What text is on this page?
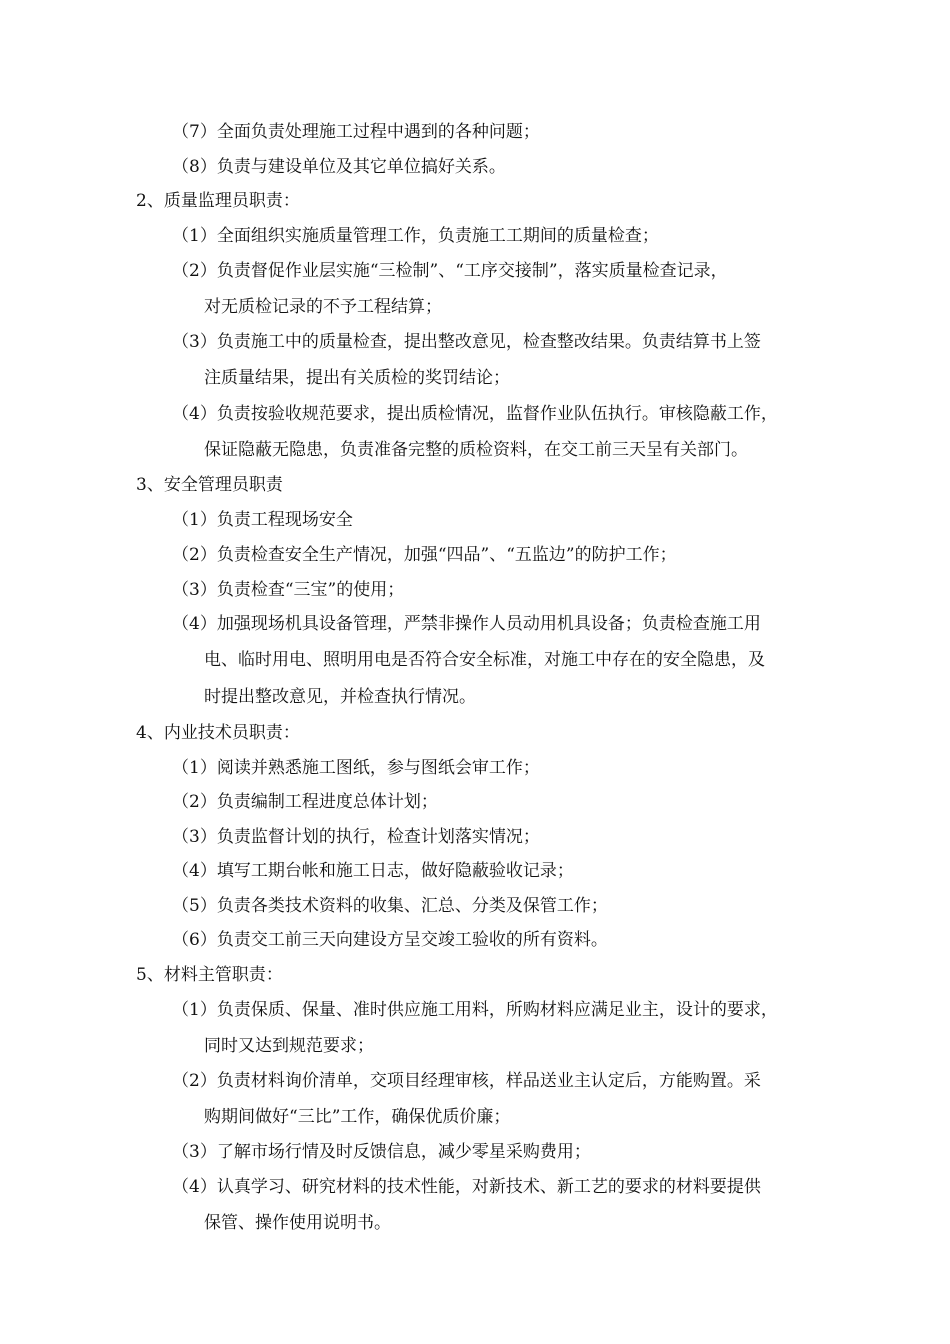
（7）全面负责处理施工过程中遇到的各种问题；
（8）负责与建设单位及其它单位搞好关系。
2、质量监理员职责：
（1）全面组织实施质量管理工作，负责施工工期间的质量检查；
（2）负责督促作业层实施“三检制”、“工序交接制”，落实质量检查记录，
对无质检记录的不予工程结算；
（3）负责施工中的质量检查，提出整改意见，检查整改结果。负责结算书上签
注质量结果，提出有关质检的奖罚结论；
（4）负责按验收规范要求，提出质检情况，监督作业队伍执行。审核隐蔽工作，
保证隐蔽无隐患，负责准备完整的质检资料，在交工前三天呈有关部门。
3、安全管理员职责
（1）负责工程现场安全
（2）负责检查安全生产情况，加强“四品”、“五监边”的防护工作；
（3）负责检查“三宝”的使用；
（4）加强现场机具设备管理，严禁非操作人员动用机具设备；负责检查施工用
电、临时用电、照明用电是否符合安全标准，对施工中存在的安全隐患，及
时提出整改意见，并检查执行情况。
4、内业技术员职责：
（1）阅读并熟悉施工图纸，参与图纸会审工作；
（2）负责编制工程进度总体计划；
（3）负责监督计划的执行，检查计划落实情况；
（4）填写工期台帐和施工日志，做好隐蔽验收记录；
（5）负责各类技术资料的收集、汇总、分类及保管工作；
（6）负责交工前三天向建设方呈交竣工验收的所有资料。
5、材料主管职责：
（1）负责保质、保量、准时供应施工用料，所购材料应满足业主，设计的要求，
同时又达到规范要求；
（2）负责材料询价清单，交项目经理审核，样品送业主认定后，方能购置。采
购期间做好“三比”工作，确保优质价廉；
（3）了解市场行情及时反馈信息，减少零星采购费用；
（4）认真学习、研究材料的技术性能，对新技术、新工艺的要求的材料要提供
保管、操作使用说明书。
